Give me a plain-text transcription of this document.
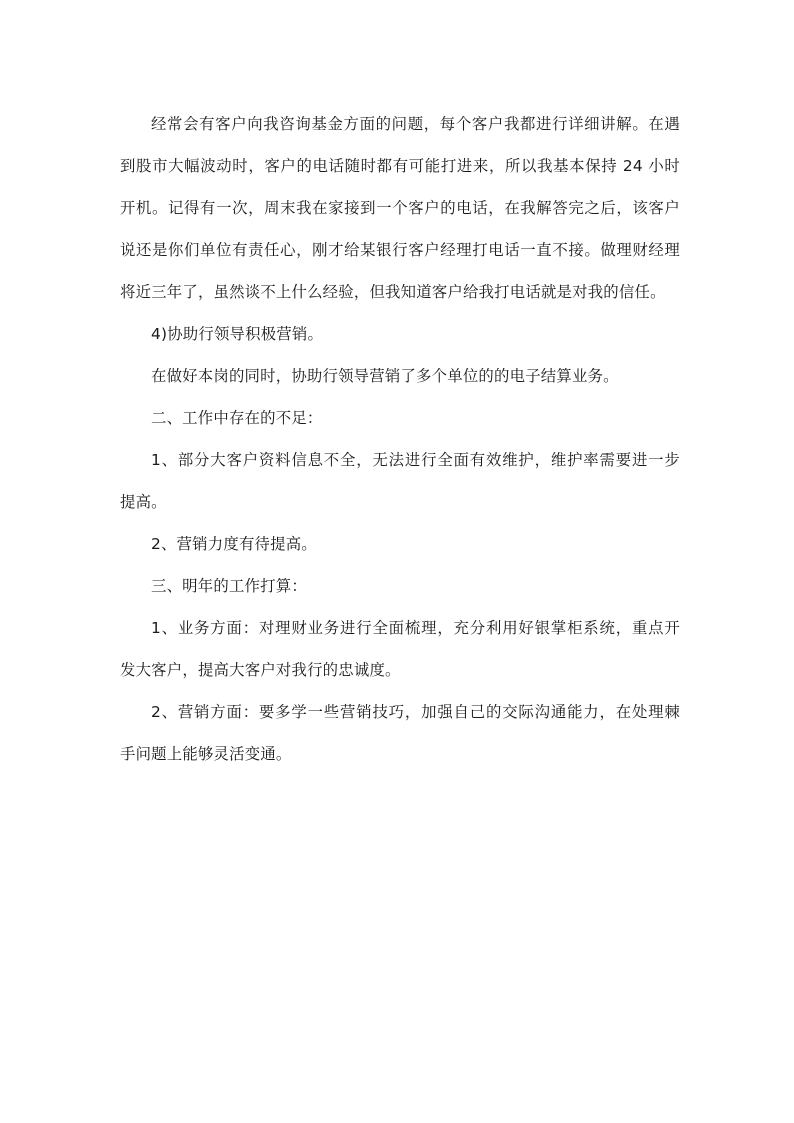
经常会有客户向我咨询基金方面的问题，每个客户我都进行详细讲解。在遇到股市大幅波动时，客户的电话随时都有可能打进来，所以我基本保持 24 小时开机。记得有一次，周末我在家接到一个客户的电话，在我解答完之后，该客户说还是你们单位有责任心，刚才给某银行客户经理打电话一直不接。做理财经理将近三年了，虽然谈不上什么经验，但我知道客户给我打电话就是对我的信任。

4)协助行领导积极营销。

在做好本岗的同时，协助行领导营销了多个单位的的电子结算业务。

二、工作中存在的不足：

1、部分大客户资料信息不全，无法进行全面有效维护，维护率需要进一步 提高。

2、营销力度有待提高。

三、明年的工作打算：

1、业务方面：对理财业务进行全面梳理，充分利用好银掌柜系统，重点开 发大客户，提高大客户对我行的忠诚度。

2、营销方面：要多学一些营销技巧，加强自己的交际沟通能力，在处理棘 手问题上能够灵活变通。
